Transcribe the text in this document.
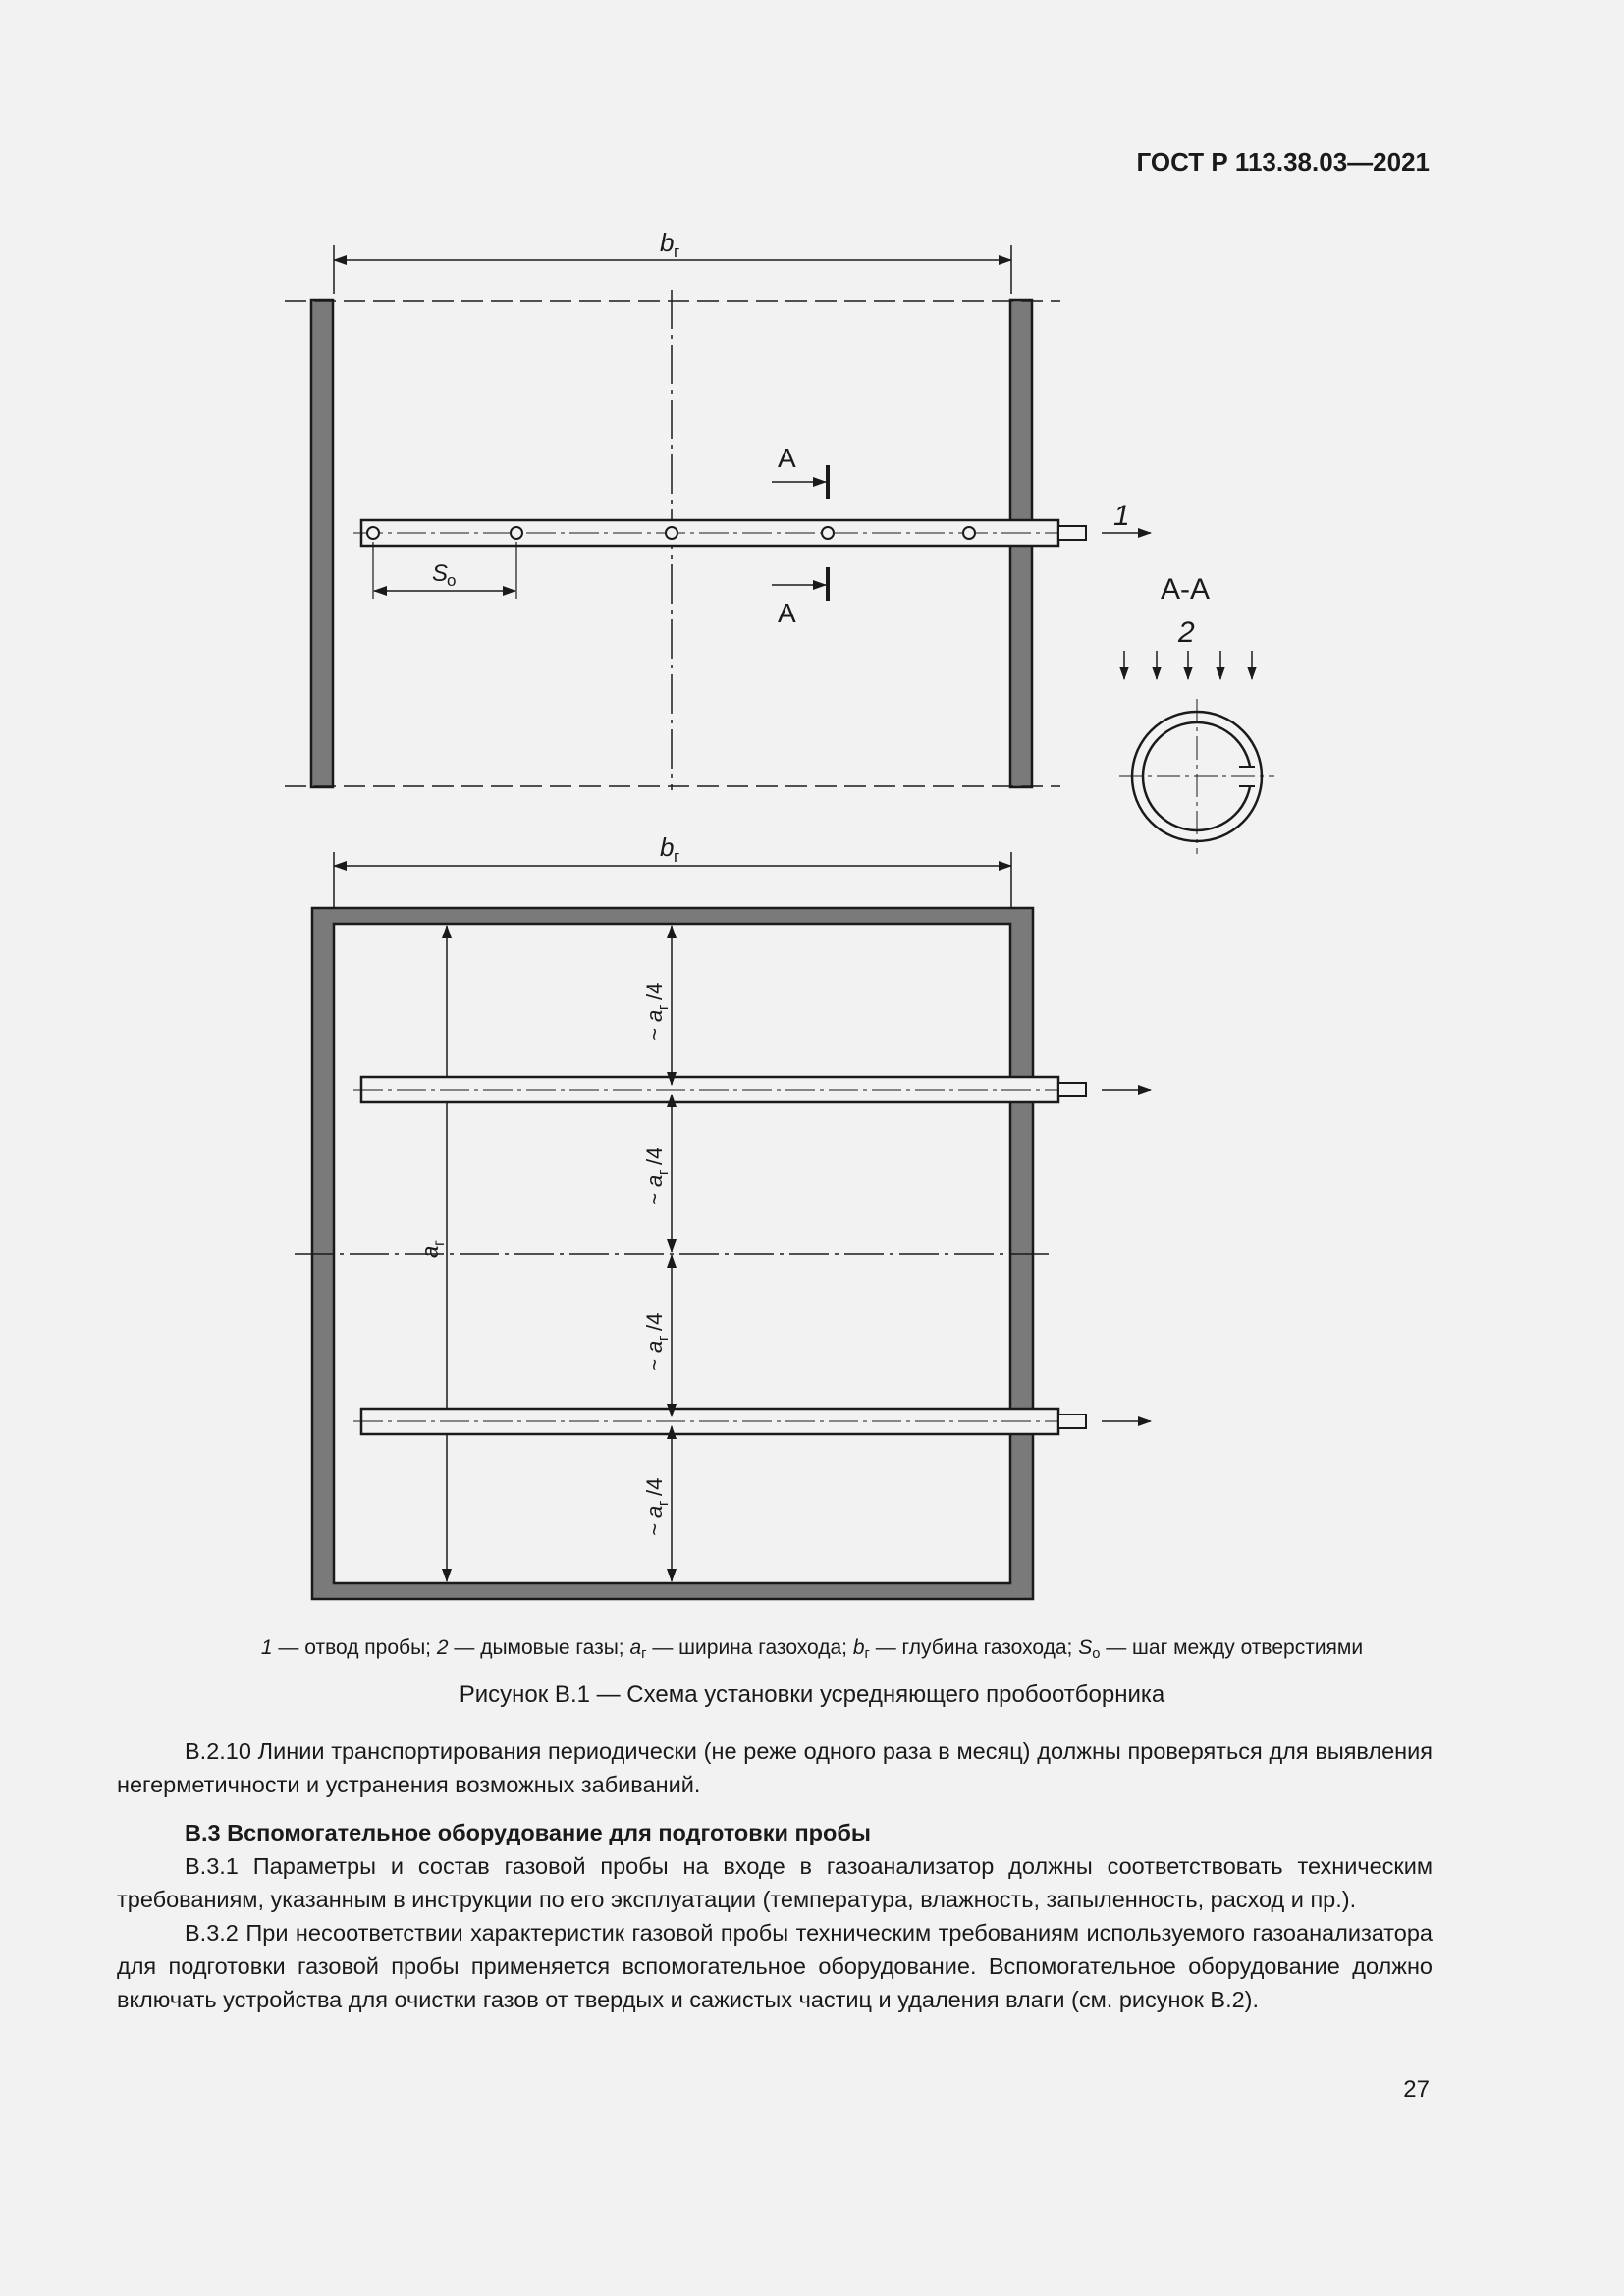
ГОСТ Р 113.38.03—2021
b г
1
S
о
А
А
А-А
2
b г
a
г
~ a
г
/4
~ a
г
/4
~ a
г
/4
~ a
г
/4
1 — отвод пробы; 2 — дымовые газы; $a_г$ — ширина газохода; $b_г$ — глубина газохода; $S_о$ — шаг между отверстиями
Рисунок В.1 — Схема установки усредняющего пробоотборника

В.2.10 Линии транспортирования периодически (не реже одного раза в месяц) должны проверяться для выявления негерметичности и устранения возможных забиваний.

В.3 Вспомогательное оборудование для подготовки пробы

В.3.1 Параметры и состав газовой пробы на входе в газоанализатор должны соответствовать техническим требованиям, указанным в инструкции по его эксплуатации (температура, влажность, запыленность, расход и пр.).

В.3.2 При несоответствии характеристик газовой пробы техническим требованиям используемого газоанализатора для подготовки газовой пробы применяется вспомогательное оборудование. Вспомогательное оборудование должно включать устройства для очистки газов от твердых и сажистых частиц и удаления влаги (см. рисунок В.2).

27
